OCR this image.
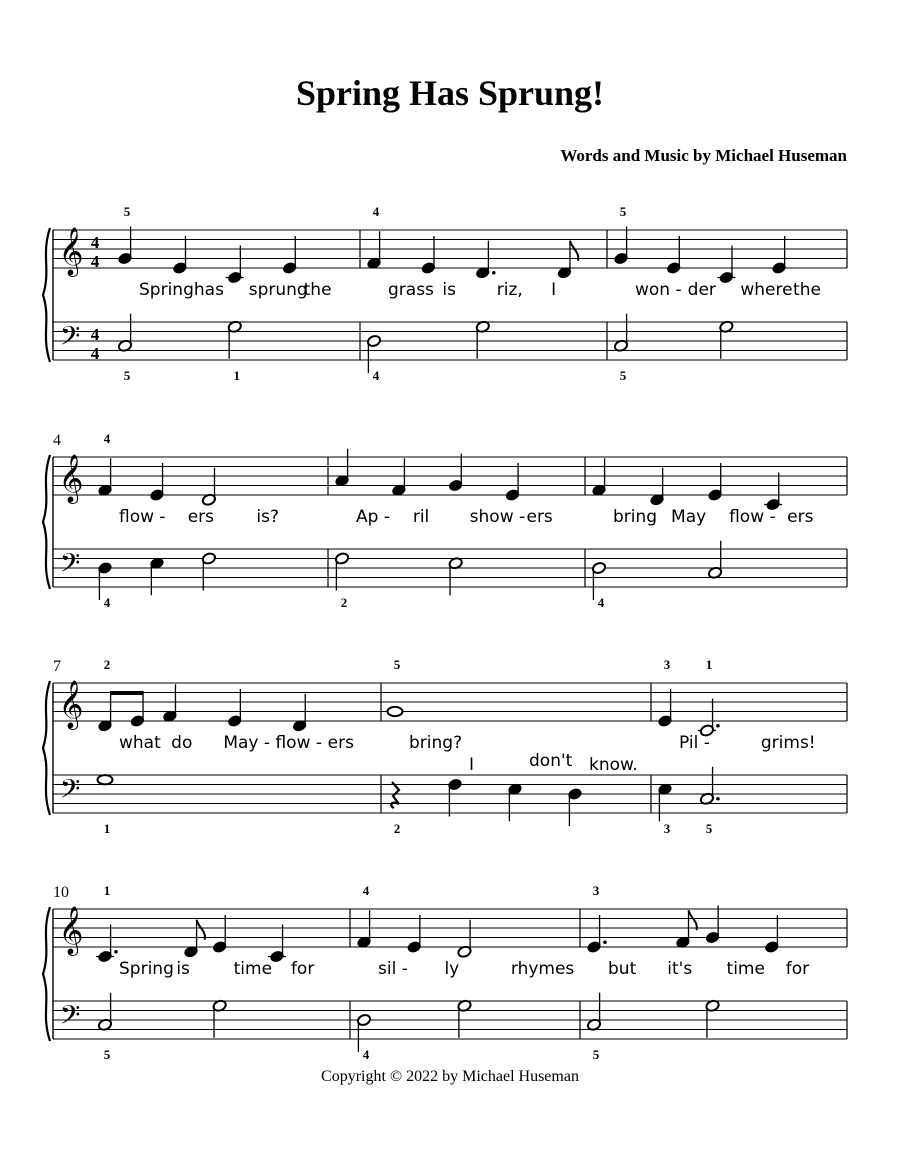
Spring Has Sprung!
Words and Music by Michael Huseman
𝄞
𝄢
4
4
4
4
5
5	1
Spring has sprung
the
4
4
grass is riz, I
5
5
won - der where the
𝄞
𝄢
4	4
4
flow - ers is?
2
Ap - ril show - ers
4
bring May flow - ers
𝄞
𝄢
7	2
1
what do May - flow - ers
5
2
bring?
I	don't know.
3	1
3	5
Pil -	grims!
𝄞
𝄢
10	1
5
Spring is	time for
4
4
sil - ly	rhymes
3
5
but it's time for
Copyright © 2022 by Michael Huseman
